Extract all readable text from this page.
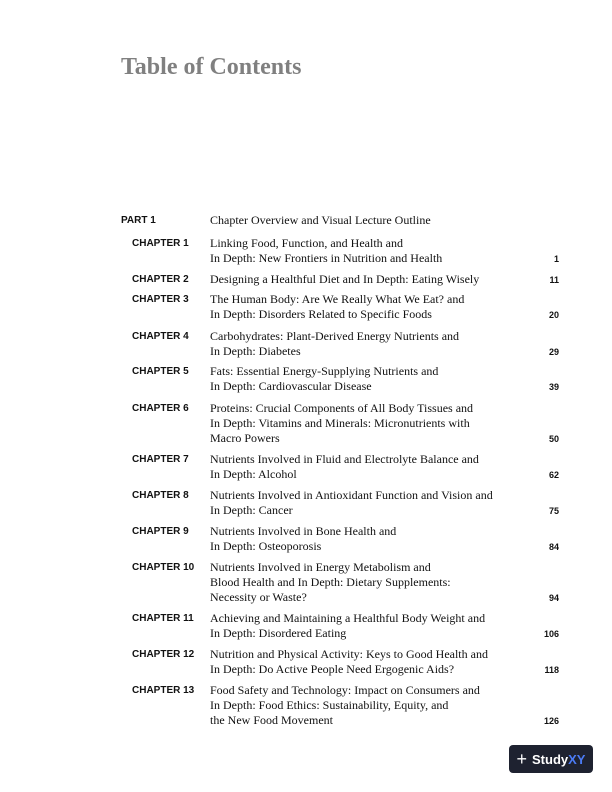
Table of Contents
PART 1	Chapter Overview and Visual Lecture Outline
CHAPTER 1 Linking Food, Function, and Health and
In Depth: New Frontiers in Nutrition and Health	1
CHAPTER 2 Designing a Healthful Diet and In Depth: Eating Wisely	11
CHAPTER 3 The Human Body: Are We Really What We Eat? and
In Depth: Disorders Related to Specific Foods	20
CHAPTER 4 Carbohydrates: Plant-Derived Energy Nutrients and
In Depth: Diabetes	29
CHAPTER 5 Fats: Essential Energy-Supplying Nutrients and
In Depth: Cardiovascular Disease	39
CHAPTER 6 Proteins: Crucial Components of All Body Tissues and
In Depth: Vitamins and Minerals: Micronutrients with
Macro Powers	50
CHAPTER 7 Nutrients Involved in Fluid and Electrolyte Balance and
In Depth: Alcohol	62
CHAPTER 8 Nutrients Involved in Antioxidant Function and Vision and
In Depth: Cancer	75
CHAPTER 9 Nutrients Involved in Bone Health and
In Depth: Osteoporosis	84
CHAPTER 10 Nutrients Involved in Energy Metabolism and
Blood Health and In Depth: Dietary Supplements:
Necessity or Waste?	94
CHAPTER 11 Achieving and Maintaining a Healthful Body Weight and
In Depth: Disordered Eating	106
CHAPTER 12 Nutrition and Physical Activity: Keys to Good Health and
In Depth: Do Active People Need Ergogenic Aids?	118
CHAPTER 13 Food Safety and Technology: Impact on Consumers and
In Depth: Food Ethics: Sustainability, Equity, and
the New Food Movement	126
+ Study XY
